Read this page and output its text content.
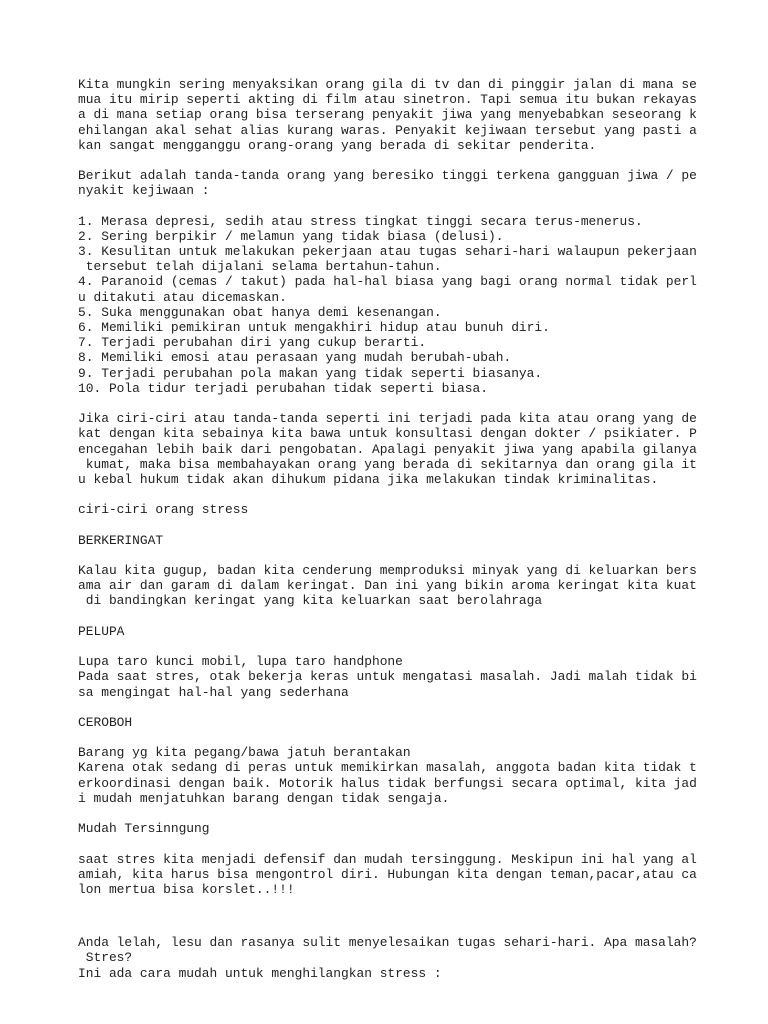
Kita mungkin sering menyaksikan orang gila di tv dan di pinggir jalan di mana se
mua itu mirip seperti akting di film atau sinetron. Tapi semua itu bukan rekayas
a di mana setiap orang bisa terserang penyakit jiwa yang menyebabkan seseorang k
ehilangan akal sehat alias kurang waras. Penyakit kejiwaan tersebut yang pasti a
kan sangat mengganggu orang-orang yang berada di sekitar penderita.
Berikut adalah tanda-tanda orang yang beresiko tinggi terkena gangguan jiwa / pe
nyakit kejiwaan :
1. Merasa depresi, sedih atau stress tingkat tinggi secara terus-menerus.
2. Sering berpikir / melamun yang tidak biasa (delusi).
3. Kesulitan untuk melakukan pekerjaan atau tugas sehari-hari walaupun pekerjaan
tersebut telah dijalani selama bertahun-tahun.
4. Paranoid (cemas / takut) pada hal-hal biasa yang bagi orang normal tidak perl
u ditakuti atau dicemaskan.
5. Suka menggunakan obat hanya demi kesenangan.
6. Memiliki pemikiran untuk mengakhiri hidup atau bunuh diri.
7. Terjadi perubahan diri yang cukup berarti.
8. Memiliki emosi atau perasaan yang mudah berubah-ubah.
9. Terjadi perubahan pola makan yang tidak seperti biasanya.
10. Pola tidur terjadi perubahan tidak seperti biasa.
Jika ciri-ciri atau tanda-tanda seperti ini terjadi pada kita atau orang yang de
kat dengan kita sebainya kita bawa untuk konsultasi dengan dokter / psikiater. P
encegahan lebih baik dari pengobatan. Apalagi penyakit jiwa yang apabila gilanya
kumat, maka bisa membahayakan orang yang berada di sekitarnya dan orang gila it
u kebal hukum tidak akan dihukum pidana jika melakukan tindak kriminalitas.
ciri-ciri orang stress
BERKERINGAT
Kalau kita gugup, badan kita cenderung memproduksi minyak yang di keluarkan bers
ama air dan garam di dalam keringat. Dan ini yang bikin aroma keringat kita kuat
di bandingkan keringat yang kita keluarkan saat berolahraga
PELUPA
Lupa taro kunci mobil, lupa taro handphone
Pada saat stres, otak bekerja keras untuk mengatasi masalah. Jadi malah tidak bi
sa mengingat hal-hal yang sederhana
CEROBOH
Barang yg kita pegang/bawa jatuh berantakan
Karena otak sedang di peras untuk memikirkan masalah, anggota badan kita tidak t
erkoordinasi dengan baik. Motorik halus tidak berfungsi secara optimal, kita jad
i mudah menjatuhkan barang dengan tidak sengaja.
Mudah Tersinngung
saat stres kita menjadi defensif dan mudah tersinggung. Meskipun ini hal yang al
amiah, kita harus bisa mengontrol diri. Hubungan kita dengan teman,pacar,atau ca
lon mertua bisa korslet..!!!
Anda lelah, lesu dan rasanya sulit menyelesaikan tugas sehari-hari. Apa masalah?
Stres?
Ini ada cara mudah untuk menghilangkan stress :
